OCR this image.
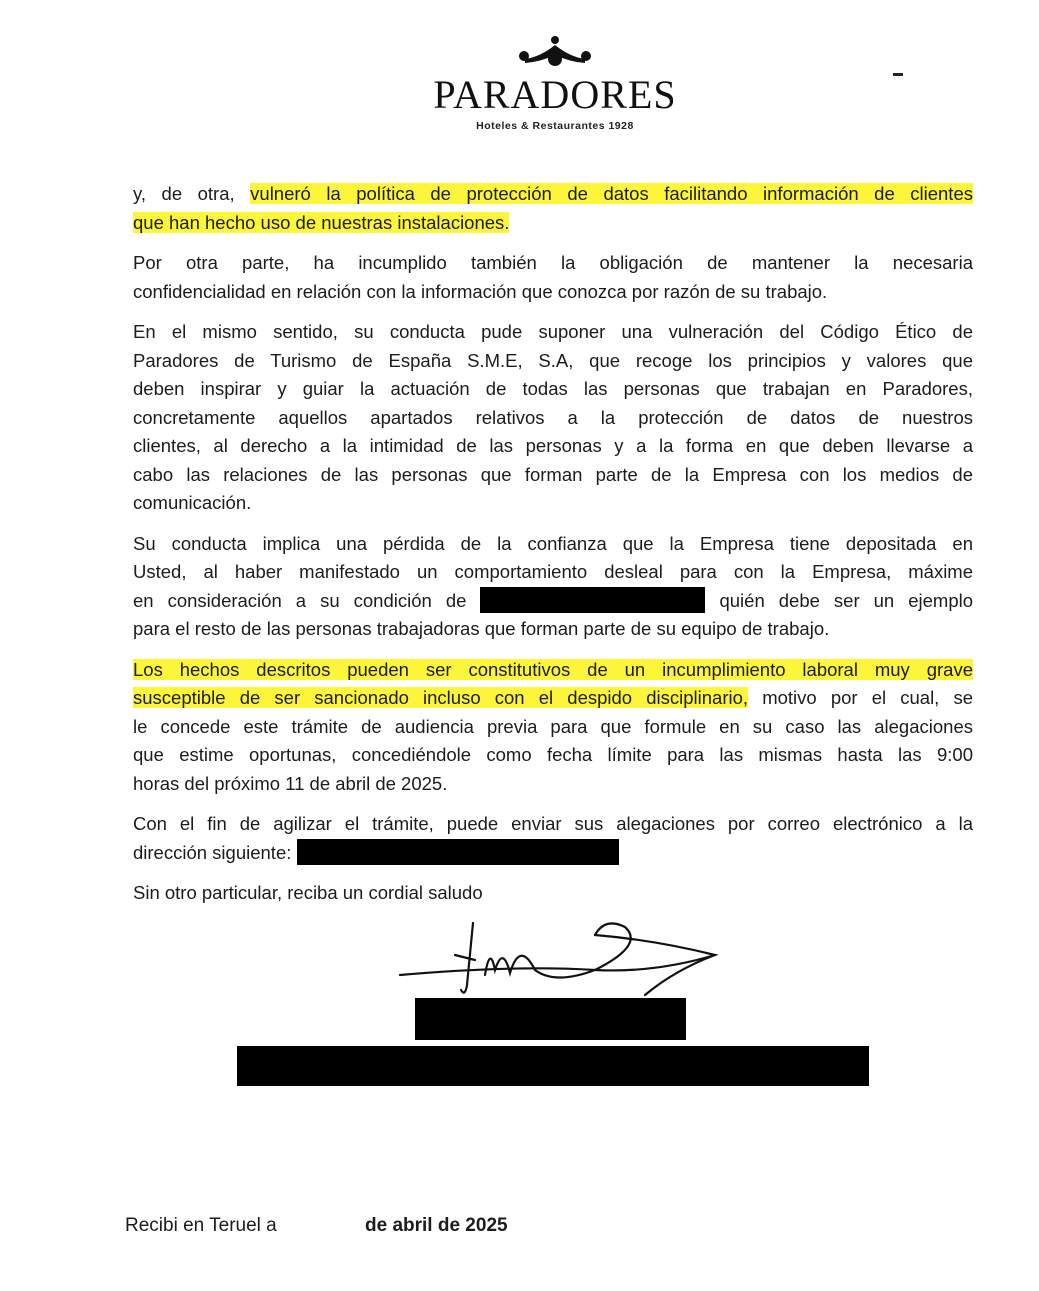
PARADORES
Hoteles & Restaurantes 1928
y, de otra, vulneró la política de protección de datos facilitando información de clientes
que han hecho uso de nuestras instalaciones.
Por otra parte, ha incumplido también la obligación de mantener la necesaria
confidencialidad en relación con la información que conozca por razón de su trabajo.
En el mismo sentido, su conducta pude suponer una vulneración del Código Ético de
Paradores de Turismo de España S.M.E, S.A, que recoge los principios y valores que
deben inspirar y guiar la actuación de todas las personas que trabajan en Paradores,
concretamente aquellos apartados relativos a la protección de datos de nuestros
clientes, al derecho a la intimidad de las personas y a la forma en que deben llevarse a
cabo las relaciones de las personas que forman parte de la Empresa con los medios de
comunicación.
Su conducta implica una pérdida de la confianza que la Empresa tiene depositada en
Usted, al haber manifestado un comportamiento desleal para con la Empresa, máxime
en consideración a su condición de	quién debe ser un ejemplo
para el resto de las personas trabajadoras que forman parte de su equipo de trabajo.
Los hechos descritos pueden ser constitutivos de un incumplimiento laboral muy grave
susceptible de ser sancionado incluso con el despido disciplinario, motivo por el cual, se
le concede este trámite de audiencia previa para que formule en su caso las alegaciones
que estime oportunas, concediéndole como fecha límite para las mismas hasta las 9:00
horas del próximo 11 de abril de 2025.
Con el fin de agilizar el trámite, puede enviar sus alegaciones por correo electrónico a la
dirección siguiente:
Sin otro particular, reciba un cordial saludo
Recibi en Teruel a	de abril de 2025
